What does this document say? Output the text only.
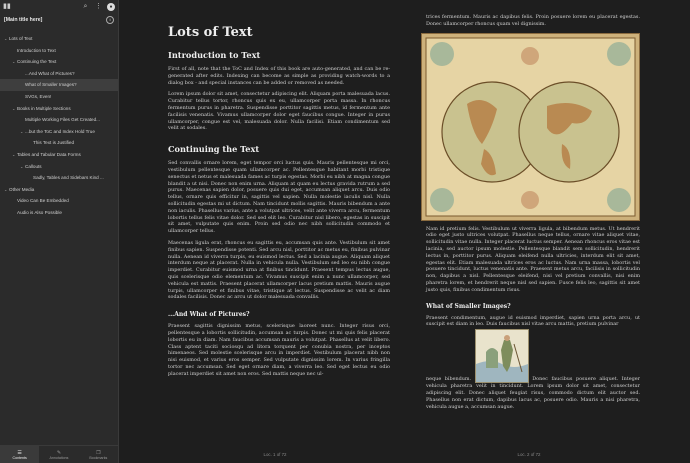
▮▮	⌕	⋮	●
[Main title here]	i
⌄ Lots of Text
Introduction to Text
⌄ Continuing the Text
...And What of Pictures?
What of Smaller Images?
SVGs, Even!
⌄ Books in Multiple Sections
Multiple Working Files Get Created...
⌄ ...but the ToC and Index Hold True
This Text is Justified
⌄ Tables and Tabular Data Forms
⌄ Callouts
Sadly, Tables and Sidebars Kind ...
⌄ Other Media
Video Can Be Embedded
Audio is Also Possible
☰
Contents
✎
Annotations
❐
Bookmarks
Lots of Text
Introduction to Text

First of all, note that the ToC and Index of this book are auto-generated, and can be re-generated after edits. Indexing can become as simple as providing watch-words to a dialog box - and special instances can be added or removed as needed.

Lorem ipsum dolor sit amet, consectetur adipiscing elit. Aliquam porta malesuada lacus. Curabitur tellus tortor, rhoncus quis ex eu, ullamcorper porta massa. In rhoncus fermentum purus in pharetra. Suspendisse porttitor sagittis metus, id fermentum ante facilisis venenatis. Vivamus ullamcorper dolor eget faucibus congue. Integer in purus ullamcorper, congue est vel, malesuada dolor. Nulla facilisi. Etiam condimentum sed velit at sodales.

Continuing the Text

Sed convallis ornare lorem, eget tempor orci luctus quis. Mauris pellentesque mi orci, vestibulum pellentesque quam ullamcorper ac. Pellentesque habitant morbi tristique senectus et netus et malesuada fames ac turpis egestas. Morbi eu nibh at magna congue blandit a ut nisi. Donec non enim urna. Aliquam at quam eu lectus gravida rutrum a sed purus. Maecenas sapien dolor, posuere quis dui eget, accumsan aliquet arcu. Duis odio tellus, ornare quis efficitur in, sagittis vel sapien. Nulla molestie iaculis nisl. Nulla sollicitudin egestas mi ut dictum. Nam tincidunt mollis sagittis. Mauris bibendum a ante non iaculis. Phasellus varius, ante a volutpat ultrices, velit ante viverra arcu, fermentum lobortis tellus felis vitae dolor. Sed sed elit leo. Curabitur nisl libero, egestas in suscipit sit amet, vulputate quis enim. Proin sed odio nec nibh sollicitudin commodo et ullamcorper tellus.

Maecenas ligula erat, rhoncus eu sagittis eu, accumsan quis ante. Vestibulum sit amet finibus sapien. Suspendisse potenti. Sed arcu nisl, porttitor ac metus eu, finibus pulvinar nulla. Aenean id viverra turpis, eu euismod lectus. Sed a lacinia augue. Aliquam aliquet interdum neque at placerat. Nulla in vehicula nulla. Vestibulum sed leo eu nibh congue imperdiet. Curabitur euismod urna at finibus tincidunt. Praesent tempus lectus augue, quis scelerisque odio elementum ac. Vivamus suscipit enim a nunc ullamcorper, sed vehicula est mattis. Praesent placerat ullamcorper lacus pretium mattis. Mauris augue turpis, ullamcorper et finibus vitae, tristique at lectus. Suspendisse ac velit ac diam sodales facilisis. Donec ac arcu ut dolor malesuada convallis.

...And What of Pictures?

Praesent sagittis dignissim metus, scelerisque laoreet nunc. Integer risus orci, pellentesque a lobortis sollicitudin, accumsan ac turpis. Donec ut mi quis felis placerat lobortis eu in diam. Nam faucibus accumsan mauris a volutpat. Phasellus at velit libero. Class aptent taciti sociosqu ad litora torquent per conubia nostra, per inceptos himenaeos. Sed molestie scelerisque arcu in imperdiet. Vestibulum placerat nibh non nisi euismod, et varius eros semper. Sed vulputate dignissim lorem. In varius fringilla tortor nec accumsan. Sed eget ornare diam, a viverra leo. Sed eget lectus eu odio placerat imperdiet sit amet non eros. Sed mattis neque nec ul-

Loc. 1 of 72

trices fermentum. Mauris ac dapibus felis. Proin posuere lorem eu placerat egestas. Donec ullamcorper rhoncus quam vel dignissim.

Nam id pretium felis. Vestibulum ut viverra ligula, at bibendum metus. Ut hendrerit odio eget justo ultrices volutpat. Phasellus neque tellus, ornare vitae aliquet vitae, sollicitudin vitae nulla. Integer placerat luctus semper. Aenean rhoncus eros vitae est lacinia, sed auctor ipsum molestie. Pellentesque blandit sem sollicitudin, hendrerit lectus in, porttitor purus. Aliquam eleifend nulla ultricies, interdum elit sit amet, egestas elit. Etiam malesuada ultrices eros ac luctus. Nam urna massa, lobortis vel posuere tincidunt, luctus venenatis ante. Praesent metus arcu, facilisis in sollicitudin non, dapibus a nisl. Pellentesque eleifend, nisi vel pretium convallis, nisi enim pharetra lorem, et hendrerit neque nisl sed sapien. Fusce felis leo, sagittis sit amet justo quis, finibus condimentum risus.

What of Smaller Images?

Praesent condimentum, augue id euismod imperdiet, sapien urna porta arcu, ut suscipit est diam in leo. Duis faucibus nisl vitae arcu mattis, pretium pulvinar

neque bibendum.	Donec faucibus posuere aliquet. Integer vehicula pharetra velit in tincidunt. Lorem ipsum dolor sit amet, consectetur adipiscing elit. Donec aliquet feugiat risus, commodo dictum elit auctor sed. Phasellus non erat dictum, dapibus lacus ac, posuere odio. Mauris a nisi pharetra, vehicula augue a, accumsan augue.

Loc. 2 of 72
